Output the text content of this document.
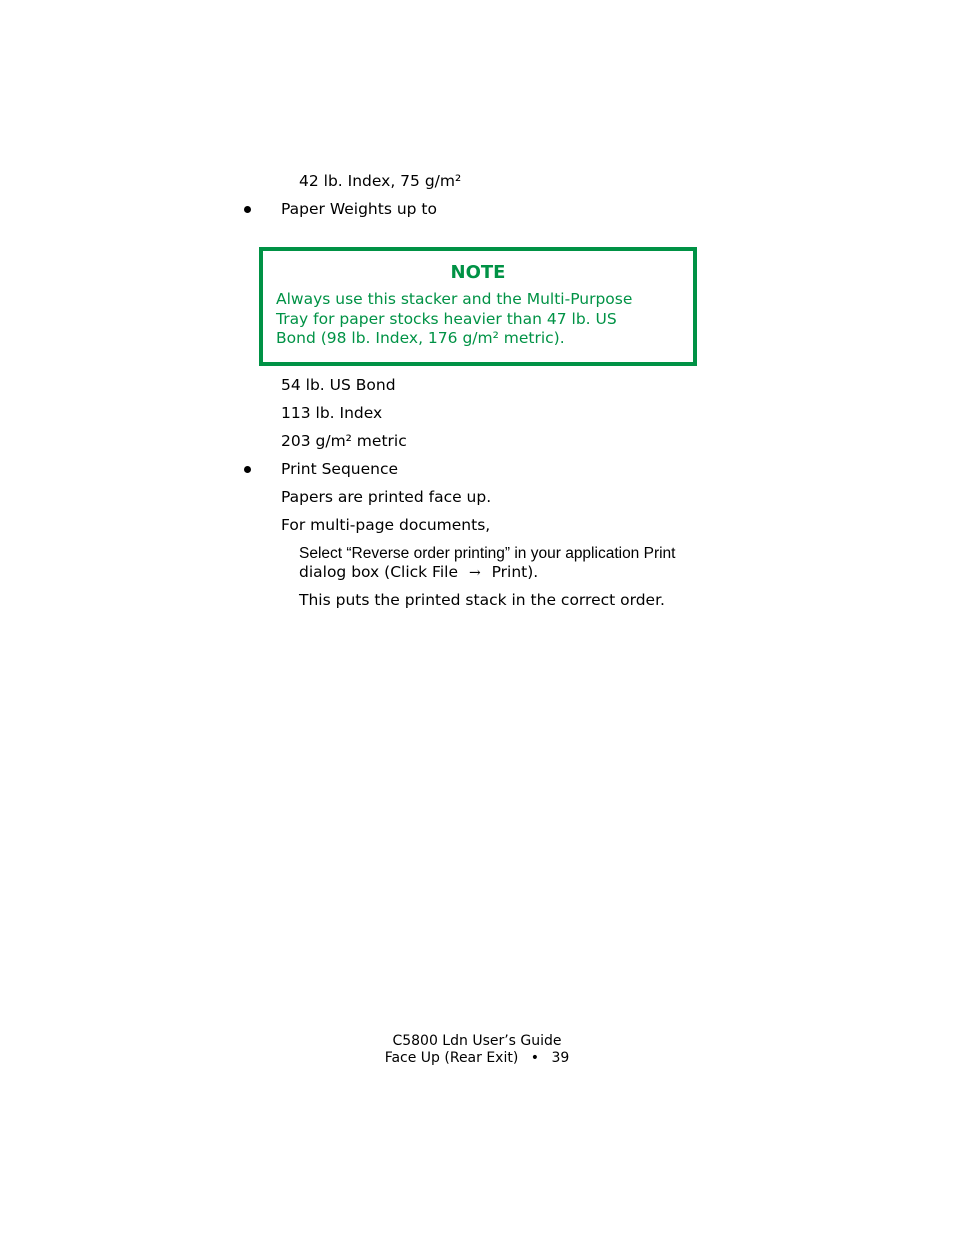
42 lb. Index, 75 g/m²
Paper Weights up to
NOTE
Always use this stacker and the Multi-Purpose
Tray for paper stocks heavier than 47 lb. US
Bond (98 lb. Index, 176 g/m² metric).
54 lb. US Bond
113 lb. Index
203 g/m² metric
Print Sequence
Papers are printed face up.
For multi-page documents,
Select “Reverse order printing” in your application Print
dialog box (Click File → Print).
This puts the printed stack in the correct order.
C5800 Ldn User’s Guide
Face Up (Rear Exit) • 39
